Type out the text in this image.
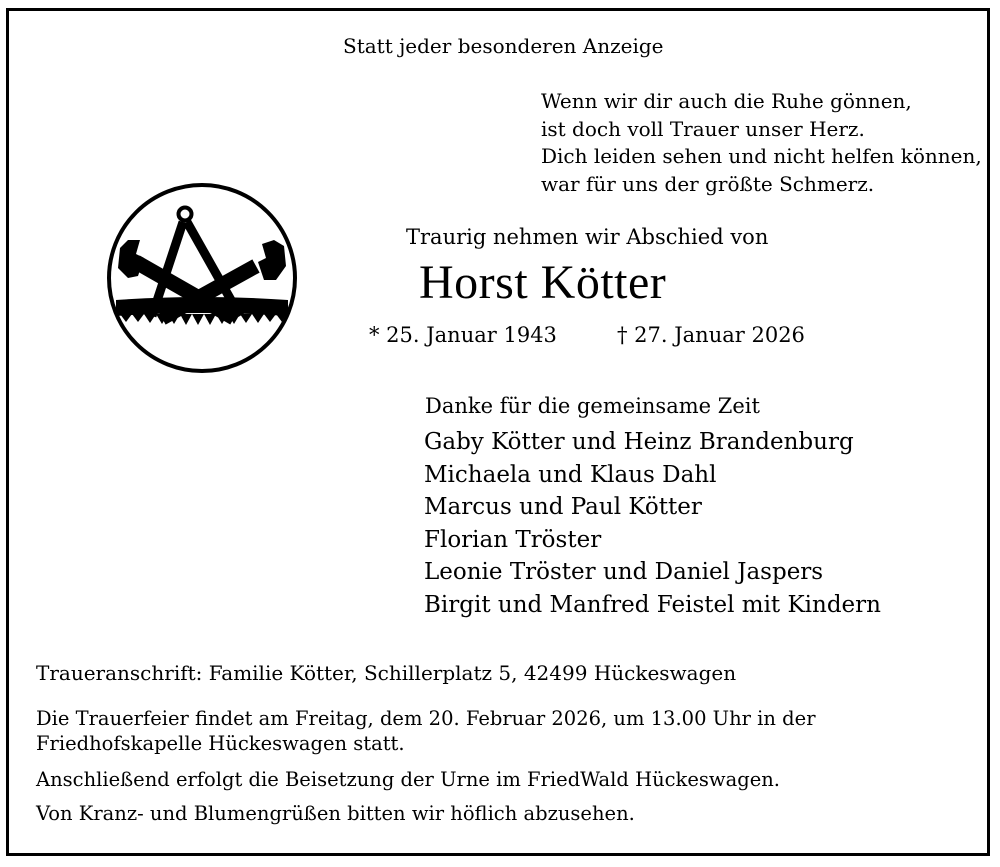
Statt jeder besonderen Anzeige
Wenn wir dir auch die Ruhe gönnen,
ist doch voll Trauer unser Herz.
Dich leiden sehen und nicht helfen können,
war für uns der größte Schmerz.
Traurig nehmen wir Abschied von
Horst Kötter
* 25. Januar 1943	† 27. Januar 2026
Danke für die gemeinsame Zeit
Gaby Kötter und Heinz Brandenburg
Michaela und Klaus Dahl
Marcus und Paul Kötter
Florian Tröster
Leonie Tröster und Daniel Jaspers
Birgit und Manfred Feistel mit Kindern
Traueranschrift: Familie Kötter, Schillerplatz 5, 42499 Hückeswagen
Die Trauerfeier findet am Freitag, dem 20. Februar 2026, um 13.00 Uhr in der Friedhofskapelle Hückeswagen statt.
Anschließend erfolgt die Beisetzung der Urne im FriedWald Hückeswagen.
Von Kranz- und Blumengrüßen bitten wir höflich abzusehen.
